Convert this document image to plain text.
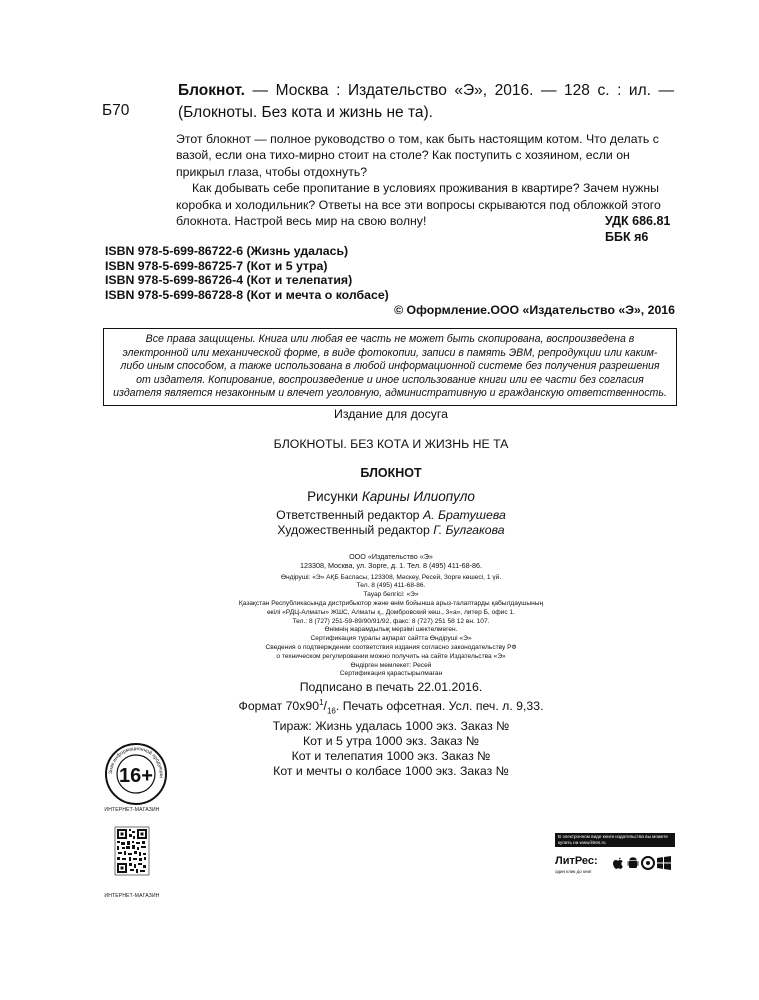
Б70
Блокнот. — Москва : Издательство «Э», 2016. — 128 с. : ил. — (Блокноты. Без кота и жизнь не та).

Этот блокнот — полное руководство о том, как быть настоящим котом. Что делать с вазой, если она тихо-мирно стоит на столе? Как поступить с хозяином, если он прикрыл глаза, чтобы отдохнуть?

Как добывать себе пропитание в условиях проживания в квартире? Зачем нужны коробка и холодильник? Ответы на все эти вопросы скрываются под обложкой этого блокнота. Настрой весь мир на свою волну!	УДК 686.81
ББК я6
ISBN 978-5-699-86722-6 (Жизнь удалась)
ISBN 978-5-699-86725-7 (Кот и 5 утра)
ISBN 978-5-699-86726-4 (Кот и телепатия)
ISBN 978-5-699-86728-8 (Кот и мечта о колбасе)
© Оформление.ООО «Издательство «Э», 2016
Все права защищены. Книга или любая ее часть не может быть скопирована, воспроизведена в электронной или механической форме, в виде фотокопии, записи в память ЭВМ, репродукции или каким-либо иным способом, а также использована в любой информационной системе без получения разрешения от издателя. Копирование, воспроизведение и иное использование книги или ее части без согласия издателя является незаконным и влечет уголовную, административную и гражданскую ответственность.
Издание для досуга
БЛОКНОТЫ. БЕЗ КОТА И ЖИЗНЬ НЕ ТА
БЛОКНОТ
Рисунки Карины Илиопуло
Ответственный редактор А. Братушева
Художественный редактор Г. Булгакова
ООО «Издательство «Э»
123308, Москва, ул. Зорге, д. 1. Тел. 8 (495) 411-68-86.
Өндіруші: «Э» АҚБ Баспасы, 123308, Мәскеу, Ресей, Зорге көшесі, 1 үй.
Тел. 8 (495) 411-68-86.
Тауар белгісі: «Э»
Қазақстан Республикасында дистрибьютор және өнім бойынша арыз-талаптарды қабылдаушының
өкілі «РДЦ-Алматы» ЖШС, Алматы қ., Домбровский көш., 3«а», литер Б, офис 1.
Тел.: 8 (727) 251-59-89/90/91/92, факс: 8 (727) 251 58 12 вн. 107.
Өнімнің жарамдылық мерзімі шектелмеген.
Сертификация туралы ақпарат сайтта Өндіруші «Э»
Сведения о подтверждении соответствия издания согласно законодательству РФ
о техническом регулировании можно получить на сайте Издательства «Э»
Өндірген мемлекет: Ресей
Сертификация қарастырылмаған
Подписано в печать 22.01.2016.
Формат $70x90^1/_{16}$. Печать офсетная. Усл. печ. л. 9,33.
Тираж: Жизнь удалась 1000 экз. Заказ №
Кот и 5 утра 1000 экз. Заказ №
Кот и телепатия 1000 экз. Заказ №
Кот и мечты о колбасе 1000 экз. Заказ №
Знак информационной продукции
16+
ИНТЕРНЕТ-МАГАЗИН
ИНТЕРНЕТ-МАГАЗИН
В электронном виде книги издательства вы можете
купить на www.litres.ru
ЛитРес:
один клик до книг
